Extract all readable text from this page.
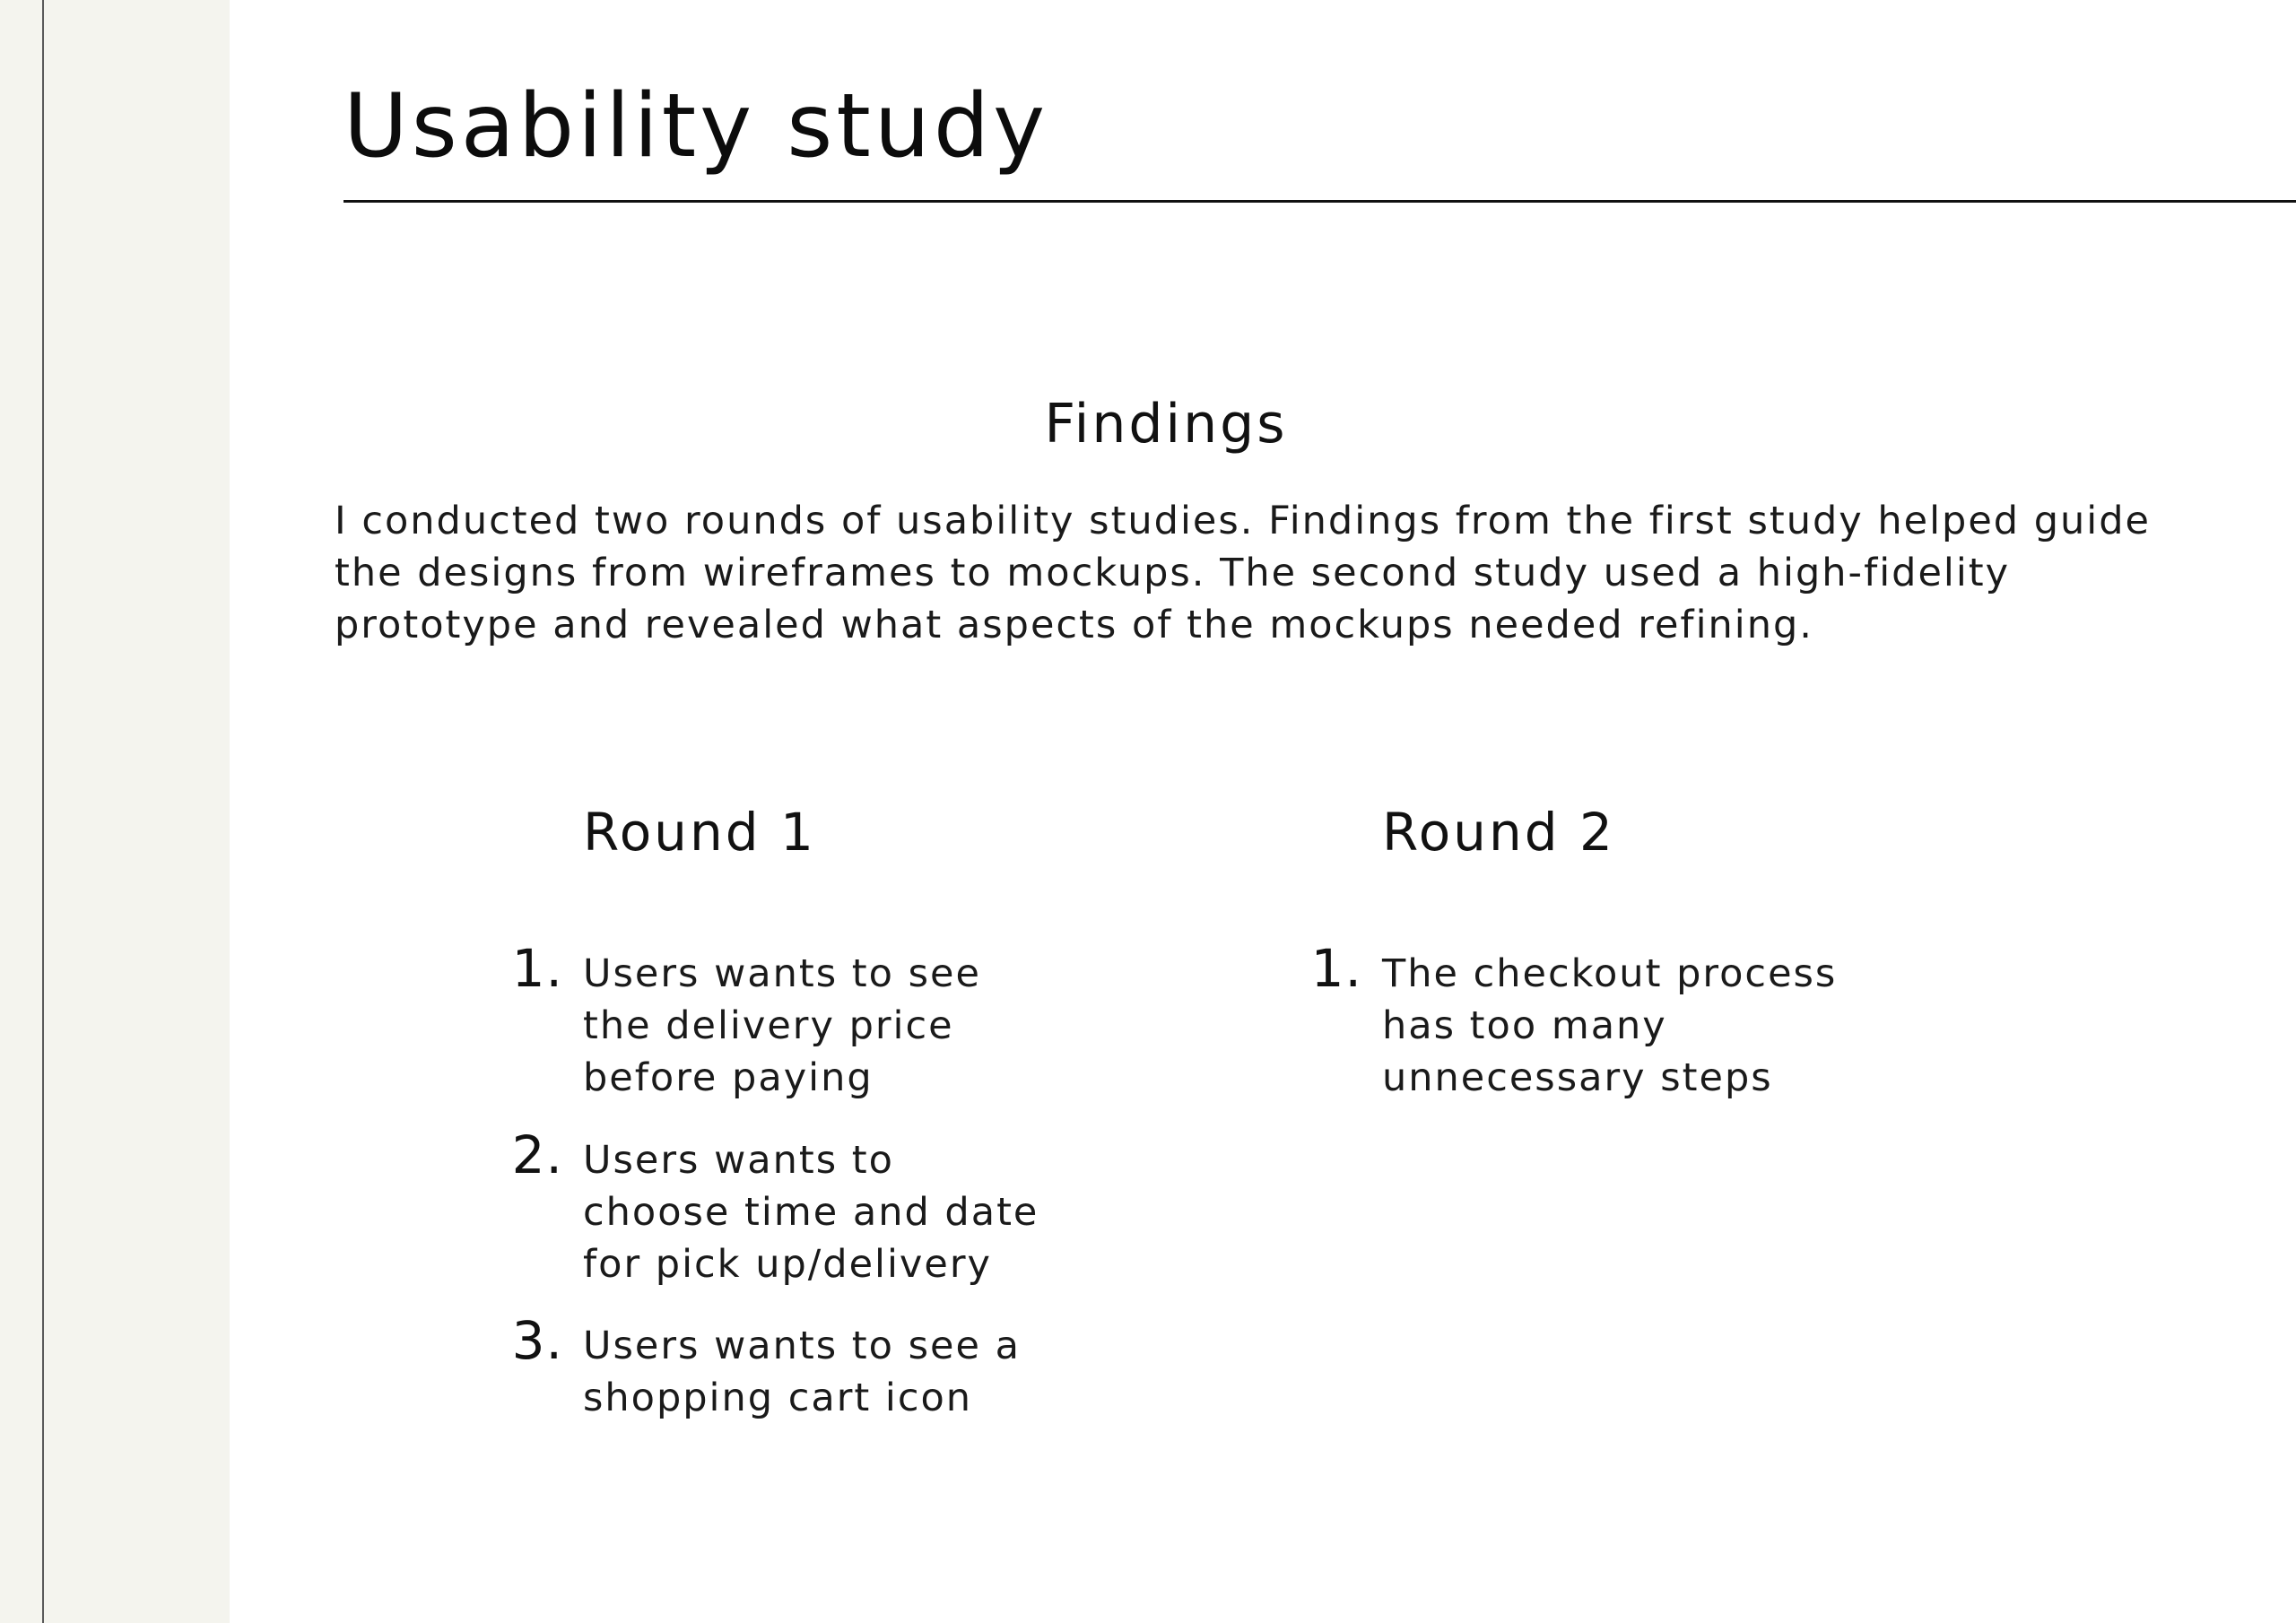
Usability study
Findings

I conducted two rounds of usability studies. Findings from the first study helped guide
the designs from wireframes to mockups. The second study used a high-fidelity
prototype and revealed what aspects of the mockups needed refining.

Round 1	Round 2
1. Users wants to see
the delivery price
before paying

2. Users wants to
choose time and date
for pick up/delivery

3. Users wants to see a
shopping cart icon

1. The checkout process
has too many
unnecessary steps
